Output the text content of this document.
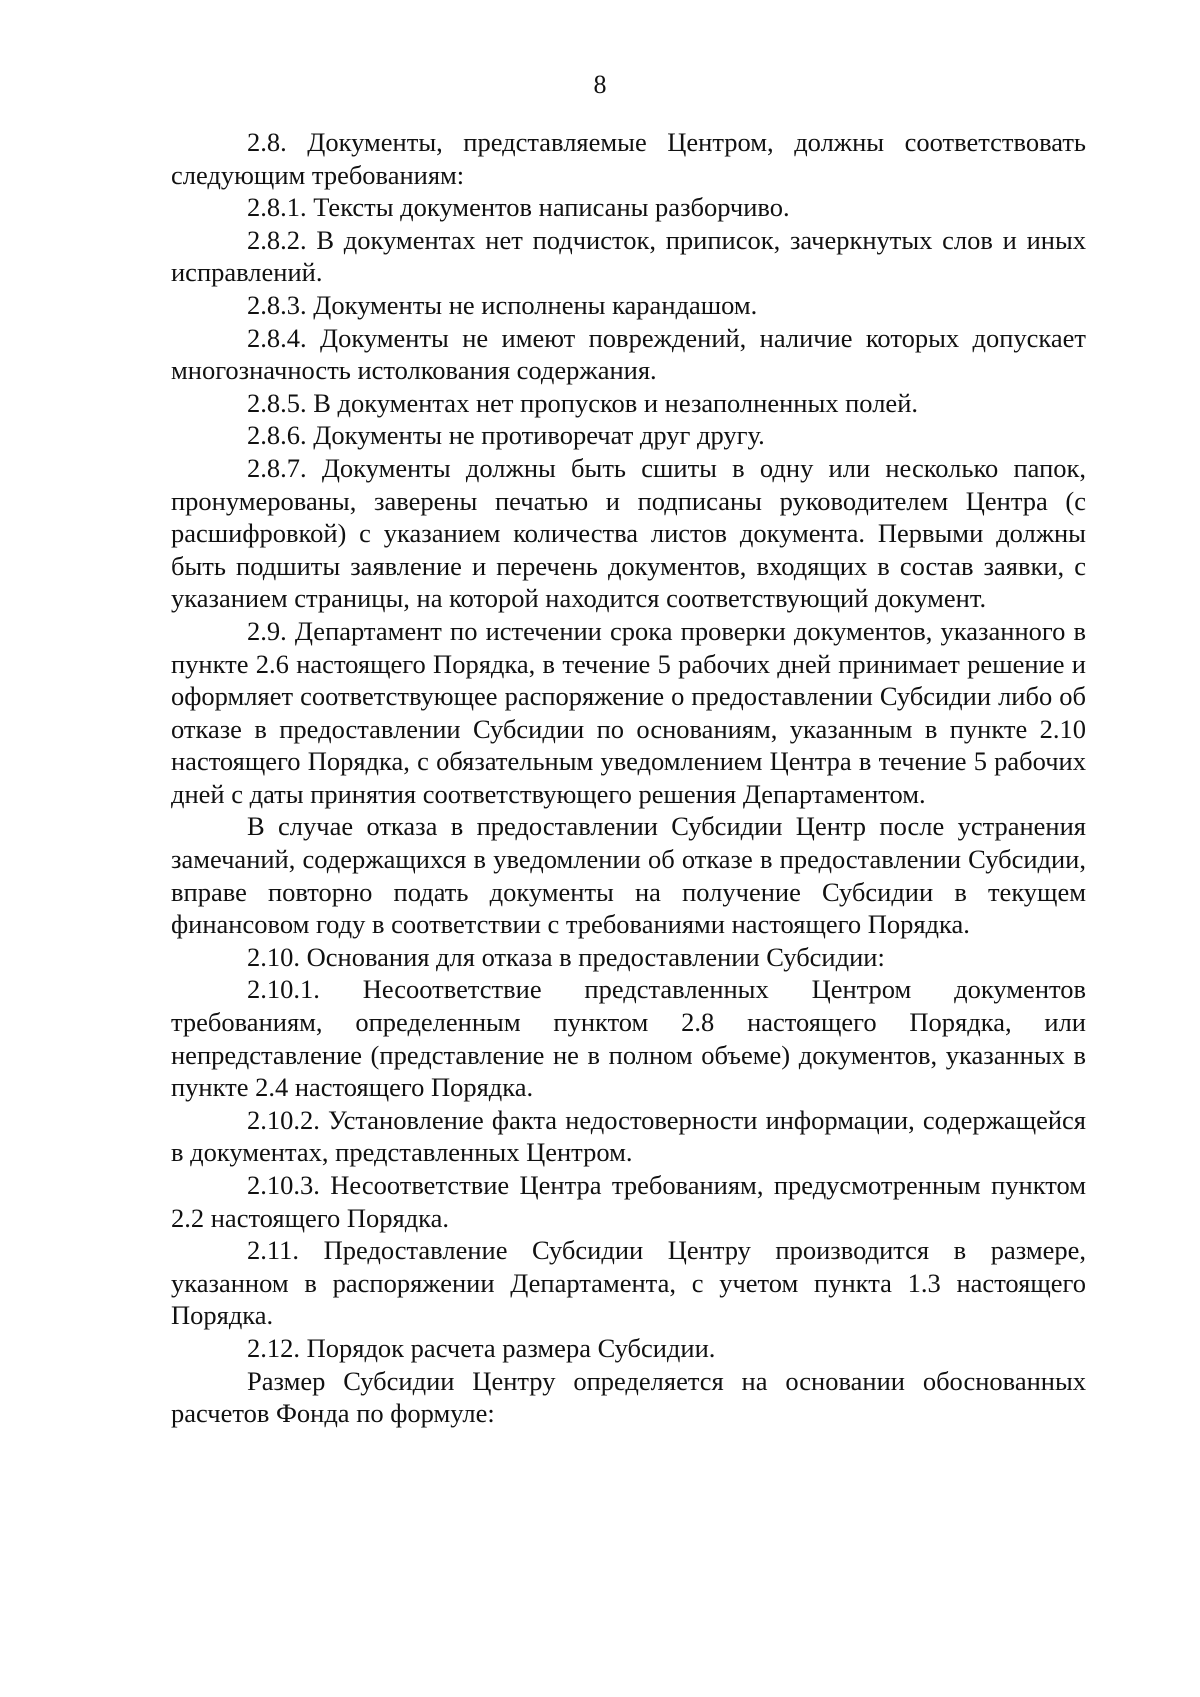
8

2.8. Документы, представляемые Центром, должны соответствовать следующим требованиям:

2.8.1. Тексты документов написаны разборчиво.

2.8.2. В документах нет подчисток, приписок, зачеркнутых слов и иных исправлений.

2.8.3. Документы не исполнены карандашом.

2.8.4. Документы не имеют повреждений, наличие которых допускает многозначность истолкования содержания.

2.8.5. В документах нет пропусков и незаполненных полей.

2.8.6. Документы не противоречат друг другу.

2.8.7. Документы должны быть сшиты в одну или несколько папок, пронумерованы, заверены печатью и подписаны руководителем Центра (с расшифровкой) с указанием количества листов документа. Первыми должны быть подшиты заявление и перечень документов, входящих в состав заявки, с указанием страницы, на которой находится соответствующий документ.

2.9. Департамент по истечении срока проверки документов, указанного в пункте 2.6 настоящего Порядка, в течение 5 рабочих дней принимает решение и оформляет соответствующее распоряжение о предоставлении Субсидии либо об отказе в предоставлении Субсидии по основаниям, указанным в пункте 2.10 настоящего Порядка, с обязательным уведомлением Центра в течение 5 рабочих дней с даты принятия соответствующего решения Департаментом.

В случае отказа в предоставлении Субсидии Центр после устранения замечаний, содержащихся в уведомлении об отказе в предоставлении Субсидии, вправе повторно подать документы на получение Субсидии в текущем финансовом году в соответствии с требованиями настоящего Порядка.

2.10. Основания для отказа в предоставлении Субсидии:

2.10.1. Несоответствие представленных Центром документов требованиям, определенным пунктом 2.8 настоящего Порядка, или непредставление (представление не в полном объеме) документов, указанных в пункте 2.4 настоящего Порядка.

2.10.2. Установление факта недостоверности информации, содержащейся в документах, представленных Центром.

2.10.3. Несоответствие Центра требованиям, предусмотренным пунктом 2.2 настоящего Порядка.

2.11. Предоставление Субсидии Центру производится в размере, указанном в распоряжении Департамента, с учетом пункта 1.3 настоящего Порядка.

2.12. Порядок расчета размера Субсидии.

Размер Субсидии Центру определяется на основании обоснованных расчетов Фонда по формуле:
